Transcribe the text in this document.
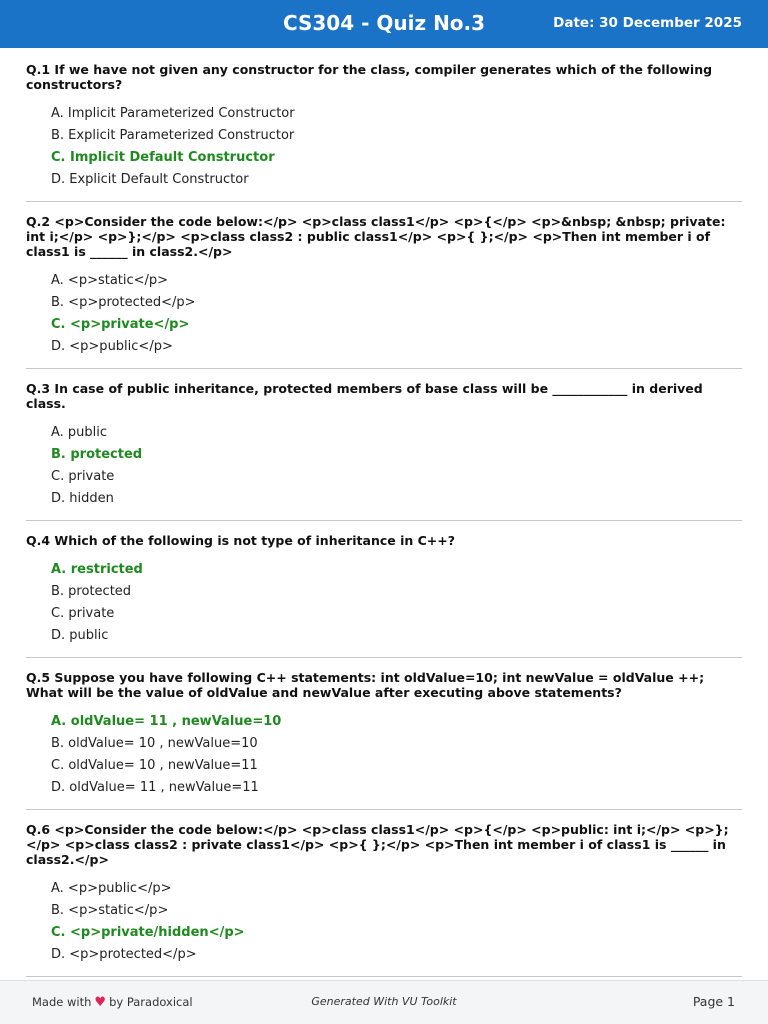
CS304 - Quiz No.3	Date: 30 December 2025
Q.1 If we have not given any constructor for the class, compiler generates which of the following constructors?
A. Implicit Parameterized Constructor
B. Explicit Parameterized Constructor
C. Implicit Default Constructor
D. Explicit Default Constructor
Q.2 <p>Consider the code below:</p> <p>class class1</p> <p>{</p> <p>&nbsp; &nbsp; private: int i;</p> <p>};</p> <p>class class2 : public class1</p> <p>{ };</p> <p>Then int member i of class1 is ______ in class2.</p>
A. <p>static</p>
B. <p>protected</p>
C. <p>private</p>
D. <p>public</p>
Q.3 In case of public inheritance, protected members of base class will be ____________ in derived class.
A. public
B. protected
C. private
D. hidden
Q.4 Which of the following is not type of inheritance in C++?
A. restricted
B. protected
C. private
D. public
Q.5 Suppose you have following C++ statements: int oldValue=10; int newValue = oldValue ++; What will be the value of oldValue and newValue after executing above statements?
A. oldValue= 11 , newValue=10
B. oldValue= 10 , newValue=10
C. oldValue= 10 , newValue=11
D. oldValue= 11 , newValue=11
Q.6 <p>Consider the code below:</p> <p>class class1</p> <p>{</p> <p>public: int i;</p> <p>};</p> <p>class class2 : private class1</p> <p>{ };</p> <p>Then int member i of class1 is ______ in class2.</p>
A. <p>public</p>
B. <p>static</p>
C. <p>private/hidden</p>
D. <p>protected</p>
Made with ♥ by Paradoxical	Generated With VU Toolkit	Page 1
